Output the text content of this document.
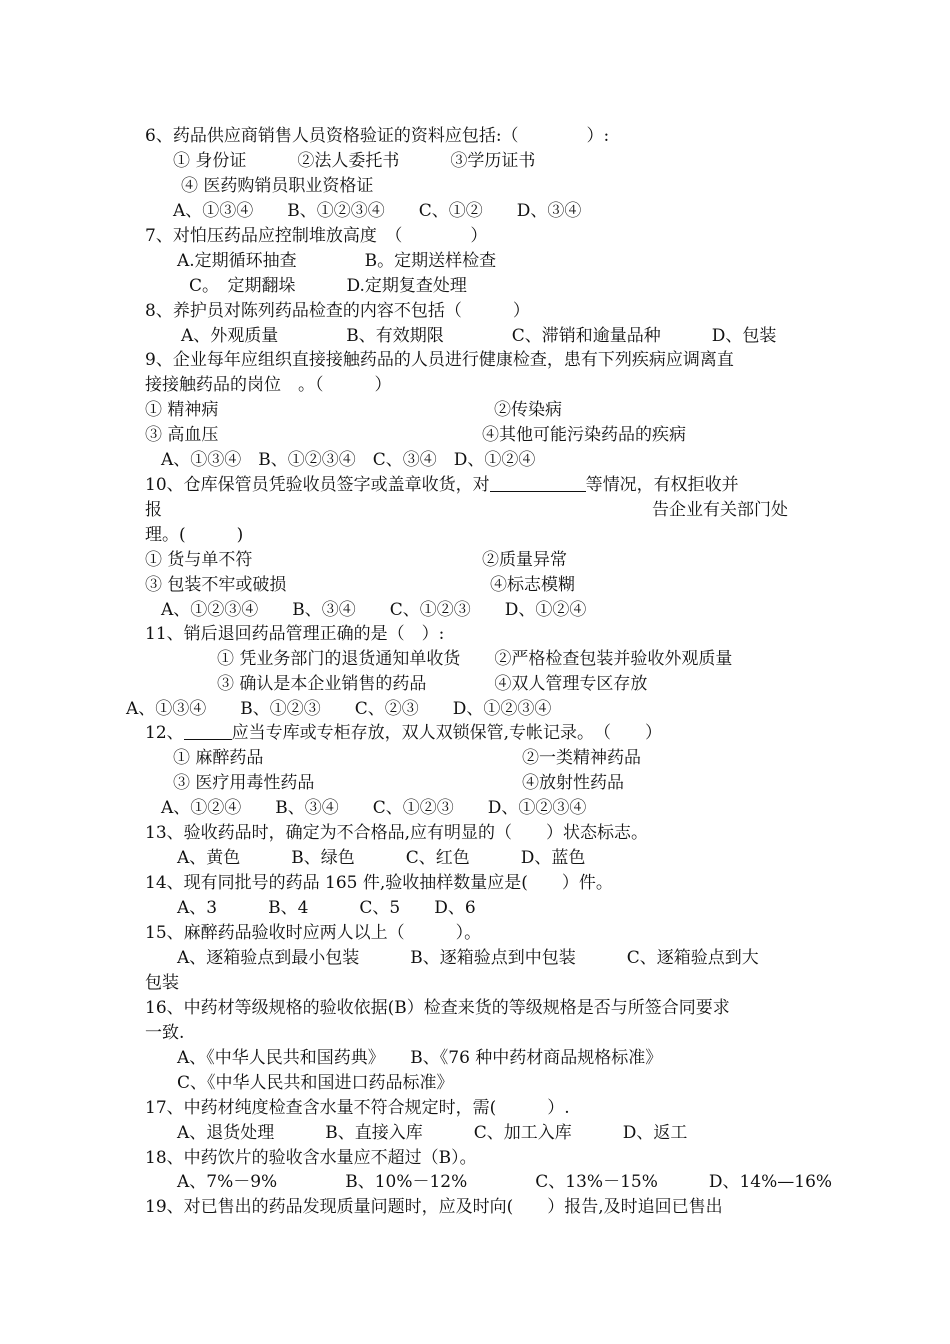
6、药品供应商销售人员资格验证的资料应包括:（　　　　）:
① 身份证　　　②法人委托书　　　③学历证书
④ 医药购销员职业资格证
A、①③④　　B、①②③④　　C、①②　　D、③④
7、对怕压药品应控制堆放高度　（　　　　）
A.定期循环抽查　　　　B。定期送样检查
C。　定期翻垛　　　D.定期复查处理
8、养护员对陈列药品检查的内容不包括（　　　）
A、外观质量　　　　B、有效期限　　　　C、滞销和逾量品种　　　D、包装
9、企业每年应组织直接接触药品的人员进行健康检查，患有下列疾病应调离直
接接触药品的岗位　。（　　　）
① 精神病	②传染病
③ 高血压	④其他可能污染药品的疾病
A、①③④　B、①②③④　C、③④　D、①②④
10、仓库保管员凭验收员签字或盖章收货，对	等情况，有权拒收并
报	告企业有关部门处
理。(　　　)
① 货与单不符	②质量异常
③ 包装不牢或破损	④标志模糊
A、①②③④　　B、③④　　C、①②③　　D、①②④
11、销后退回药品管理正确的是（　）:
① 凭业务部门的退货通知单收货　　②严格检查包装并验收外观质量
③ 确认是本企业销售的药品　　　　④双人管理专区存放
A、①③④　　B、①②③　　C、②③　　D、①②③④
12、	应当专库或专柜存放，双人双锁保管,专帐记录。　（　　）
① 麻醉药品	②一类精神药品
③ 医疗用毒性药品	④放射性药品
A、①②④　　B、③④　　C、①②③　　D、①②③④
13、验收药品时，确定为不合格品,应有明显的（　　）状态标志。
A、黄色　　　B、绿色　　　C、红色　　　D、蓝色
14、现有同批号的药品 165 件,验收抽样数量应是(　　）件。
A、3　　　B、4　　　C、5　　D、6
15、麻醉药品验收时应两人以上（　　　）。
A、逐箱验点到最小包装　　　B、逐箱验点到中包装　　　C、逐箱验点到大
包装
16、中药材等级规格的验收依据(B）检查来货的等级规格是否与所签合同要求
一致.
A、《中华人民共和国药典》　　B、《76 种中药材商品规格标准》
C、《中华人民共和国进口药品标准》
17、中药材纯度检查含水量不符合规定时，需(　　　）.
A、退货处理　　　B、直接入库　　　C、加工入库　　　D、返工
18、中药饮片的验收含水量应不超过（B）。
A、7%－9%　　　　B、10%－12%　　　　C、13%－15%　　　D、14%—16%
19、对已售出的药品发现质量问题时，应及时向(　　）报告,及时追回已售出
